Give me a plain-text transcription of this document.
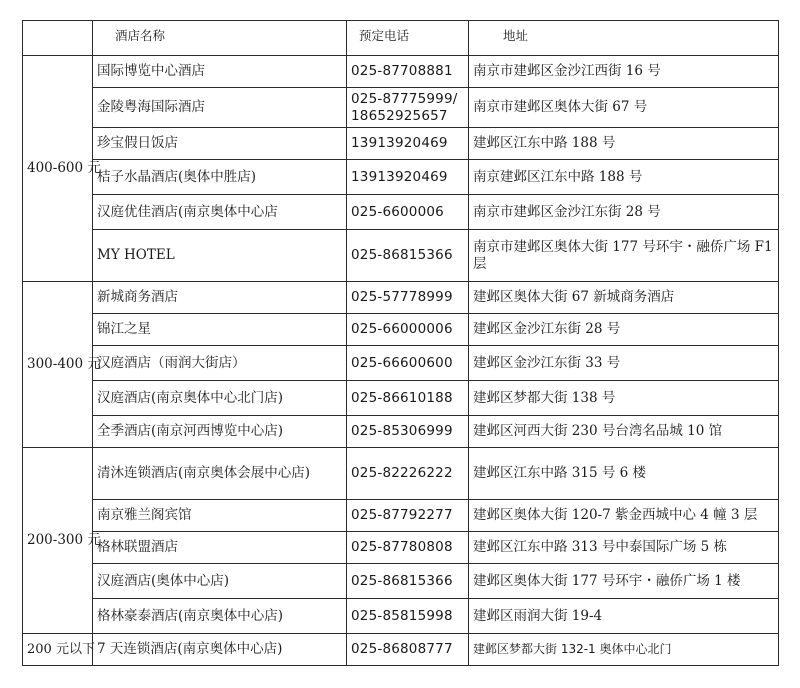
	酒店名称	预定电话	地址
400-600 元	国际博览中心酒店	025-87708881	南京市建邺区金沙江西街 16 号
	金陵粤海国际酒店	025-87775999/18652925657	南京市建邺区奥体大街 67 号
	珍宝假日饭店	13913920469	建邺区江东中路 188 号
	桔子水晶酒店(奥体中胜店)	13913920469	南京建邺区江东中路 188 号
	汉庭优佳酒店(南京奥体中心店	025-6600006	南京市建邺区金沙江东街 28 号
	MY HOTEL	025-86815366	南京市建邺区奥体大街 177 号环宇・融侨广场 F1 层
300-400 元	新城商务酒店	025-57778999	建邺区奥体大街 67 新城商务酒店
	锦江之星	025-66000006	建邺区金沙江东街 28 号
	汉庭酒店（雨润大街店）	025-66600600	建邺区金沙江东街 33 号
	汉庭酒店(南京奥体中心北门店)	025-86610188	建邺区梦都大街 138 号
	全季酒店(南京河西博览中心店)	025-85306999	建邺区河西大街 230 号台湾名品城 10 馆
200-300 元	清沐连锁酒店(南京奥体会展中心店)	025-82226222	建邺区江东中路 315 号 6 楼
	南京雅兰阁宾馆	025-87792277	建邺区奥体大街 120-7 紫金西城中心 4 幢 3 层
	格林联盟酒店	025-87780808	建邺区江东中路 313 号中泰国际广场 5 栋
	汉庭酒店(奥体中心店)	025-86815366	建邺区奥体大街 177 号环宇・融侨广场 1 楼
	格林豪泰酒店(南京奥体中心店)	025-85815998	建邺区雨润大街 19-4
200 元以下	7 天连锁酒店(南京奥体中心店)	025-86808777	建邺区梦都大街 132-1 奥体中心北门
